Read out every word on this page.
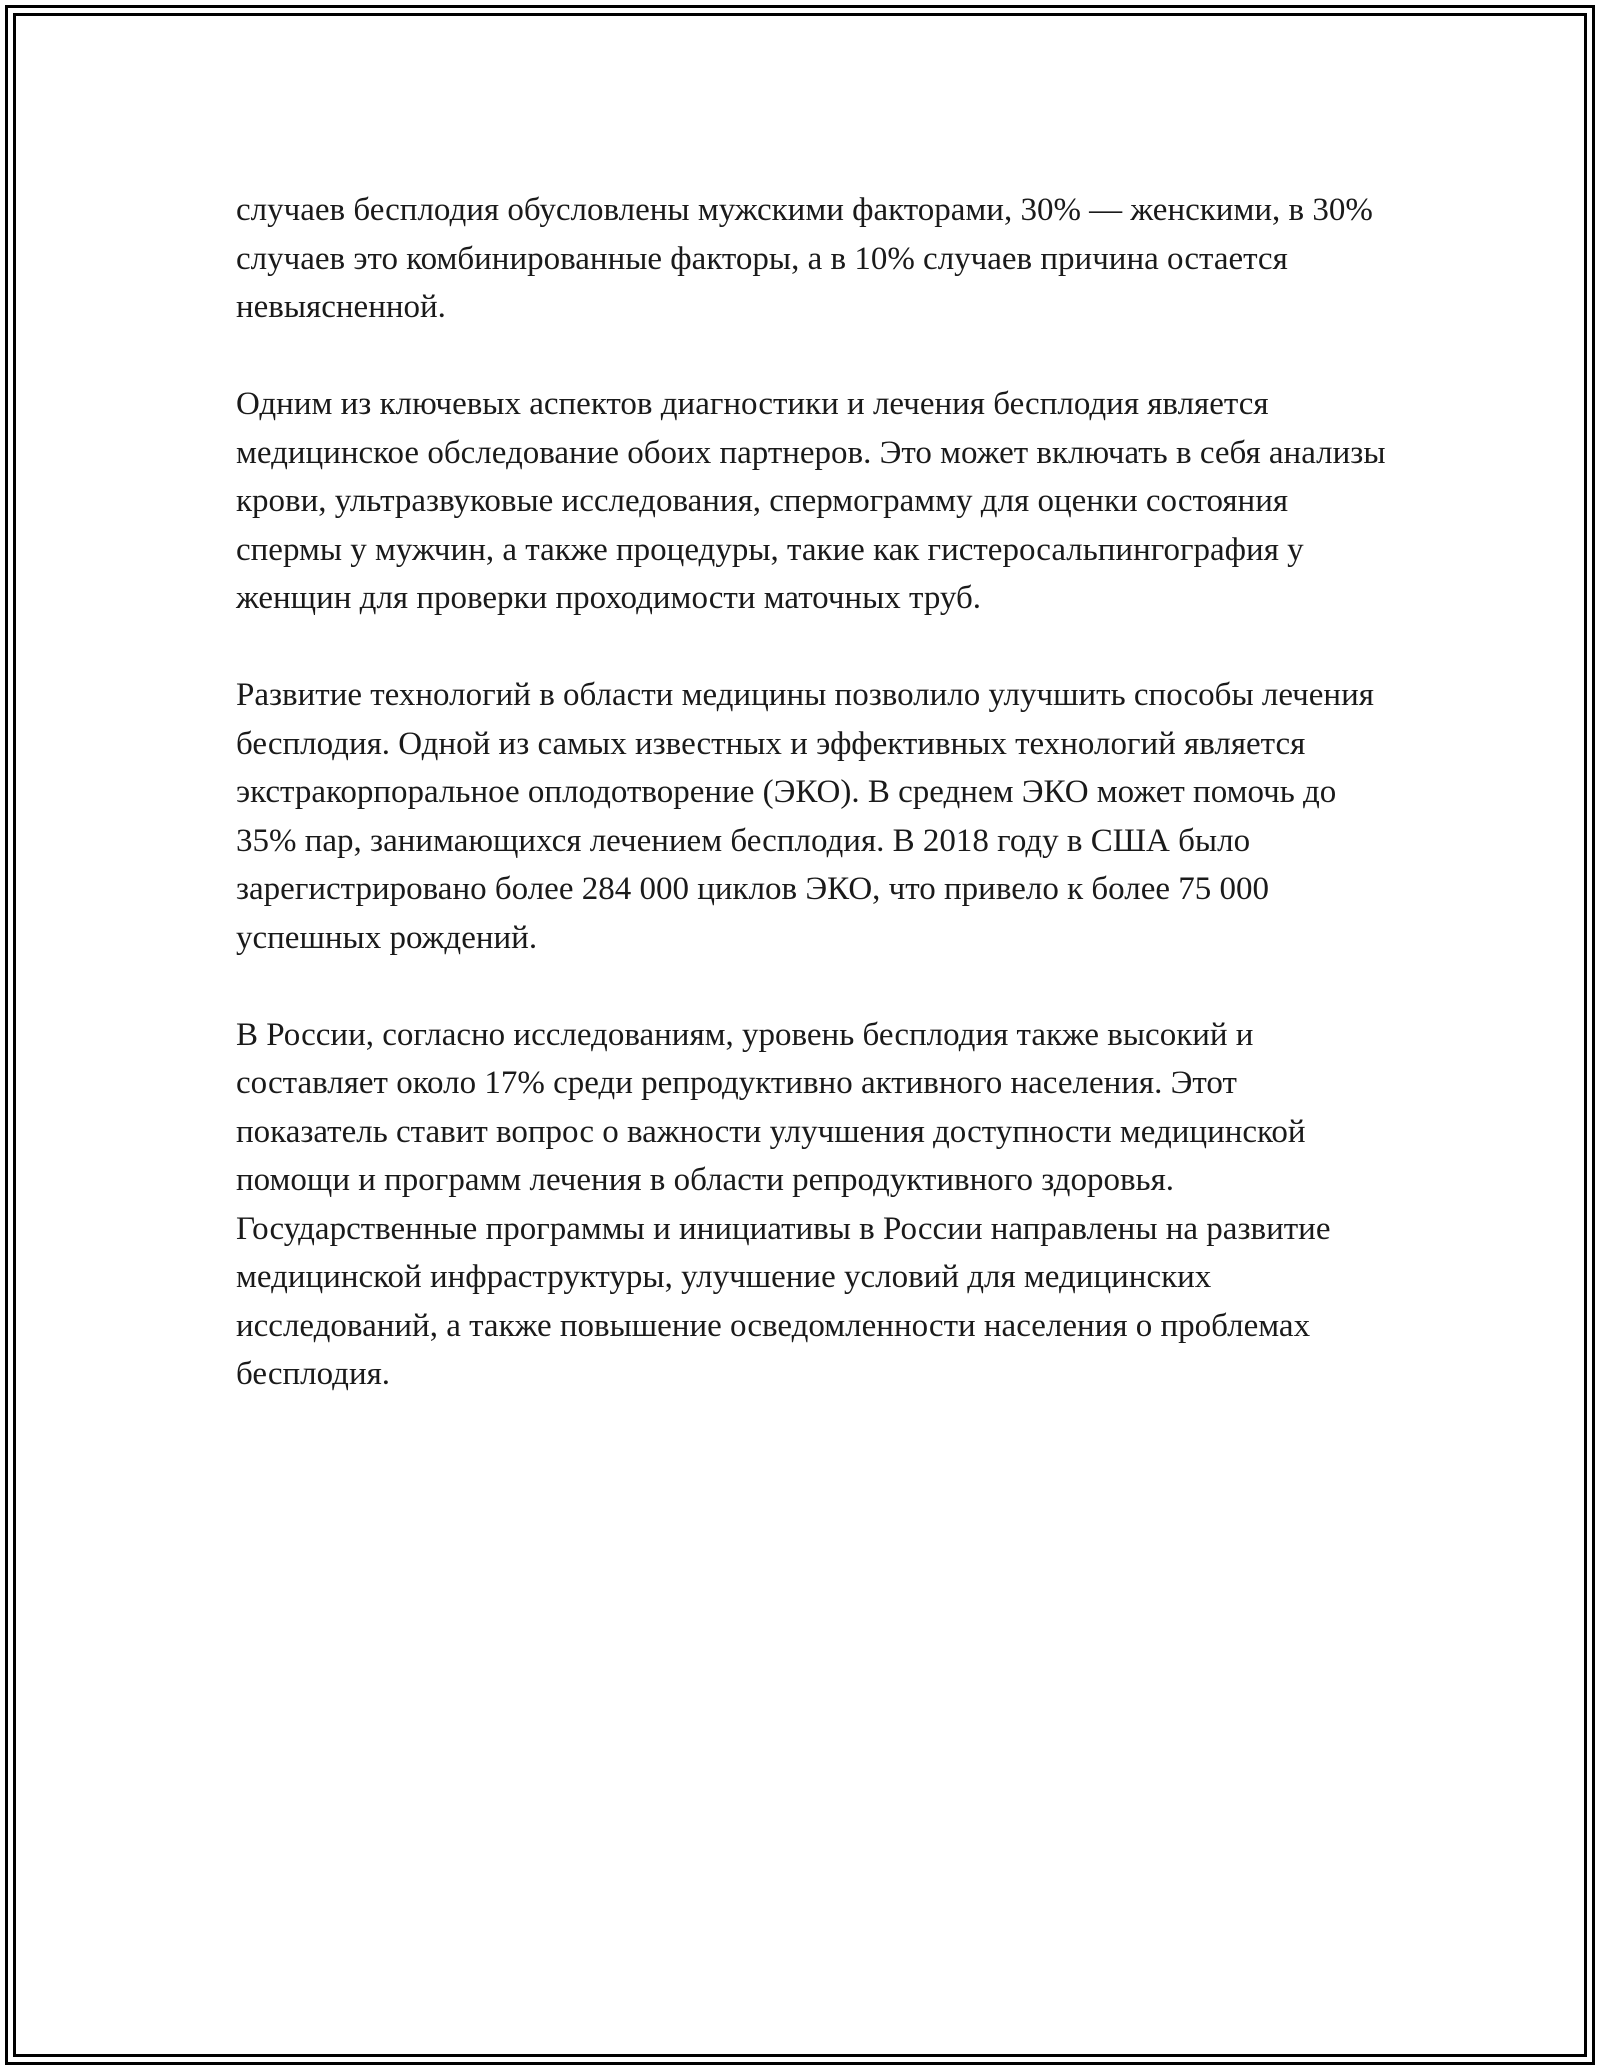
случаев бесплодия обусловлены мужскими факторами, 30% — женскими, в 30% случаев это комбинированные факторы, а в 10% случаев причина остается невыясненной.

Одним из ключевых аспектов диагностики и лечения бесплодия является медицинское обследование обоих партнеров. Это может включать в себя анализы крови, ультразвуковые исследования, спермограмму для оценки состояния спермы у мужчин, а также процедуры, такие как гистеросальпингография у женщин для проверки проходимости маточных труб.

Развитие технологий в области медицины позволило улучшить способы лечения бесплодия. Одной из самых известных и эффективных технологий является экстракорпоральное оплодотворение (ЭКО). В среднем ЭКО может помочь до 35% пар, занимающихся лечением бесплодия. В 2018 году в США было зарегистрировано более 284 000 циклов ЭКО, что привело к более 75 000 успешных рождений.

В России, согласно исследованиям, уровень бесплодия также высокий и составляет около 17% среди репродуктивно активного населения. Этот показатель ставит вопрос о важности улучшения доступности медицинской помощи и программ лечения в области репродуктивного здоровья. Государственные программы и инициативы в России направлены на развитие медицинской инфраструктуры, улучшение условий для медицинских исследований, а также повышение осведомленности населения о проблемах бесплодия.
